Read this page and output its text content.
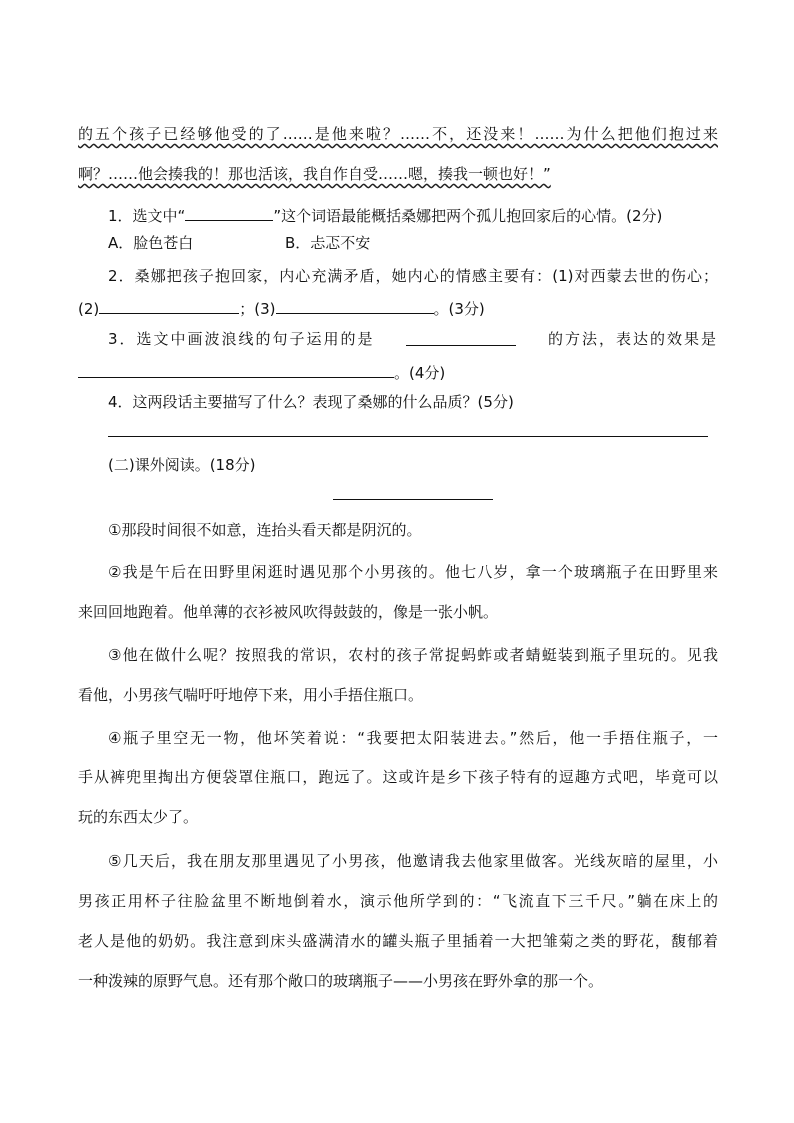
的五个孩子已经够他受的了……是他来啦？……不，还没来！……为什么把他们抱过来
啊？……他会揍我的！那也活该，我自作自受……嗯，揍我一顿也好！”
1．选文中“	”这个词语最能概括桑娜把两个孤儿抱回家后的心情。(2分)
A．脸色苍白	B．忐忑不安
2．桑娜把孩子抱回家，内心充满矛盾，她内心的情感主要有：(1)对西蒙去世的伤心；
(2)	；(3)	。(3分)
3．选文中画波浪线的句子运用的是	的方法，表达的效果是
。(4分)
4．这两段话主要描写了什么？表现了桑娜的什么品质？(5分)
(二)课外阅读。(18分)
①那段时间很不如意，连抬头看天都是阴沉的。
②我是午后在田野里闲逛时遇见那个小男孩的。他七八岁，拿一个玻璃瓶子在田野里来
来回回地跑着。他单薄的衣衫被风吹得鼓鼓的，像是一张小帆。
③他在做什么呢？按照我的常识，农村的孩子常捉蚂蚱或者蜻蜓装到瓶子里玩的。见我
看他，小男孩气喘吁吁地停下来，用小手捂住瓶口。
④瓶子里空无一物，他坏笑着说：“我要把太阳装进去。”然后，他一手捂住瓶子，一
手从裤兜里掏出方便袋罩住瓶口，跑远了。这或许是乡下孩子特有的逗趣方式吧，毕竟可以
玩的东西太少了。
⑤几天后，我在朋友那里遇见了小男孩，他邀请我去他家里做客。光线灰暗的屋里，小
男孩正用杯子往脸盆里不断地倒着水，演示他所学到的：“飞流直下三千尺。”躺在床上的
老人是他的奶奶。我注意到床头盛满清水的罐头瓶子里插着一大把雏菊之类的野花，馥郁着
一种泼辣的原野气息。还有那个敞口的玻璃瓶子——小男孩在野外拿的那一个。
